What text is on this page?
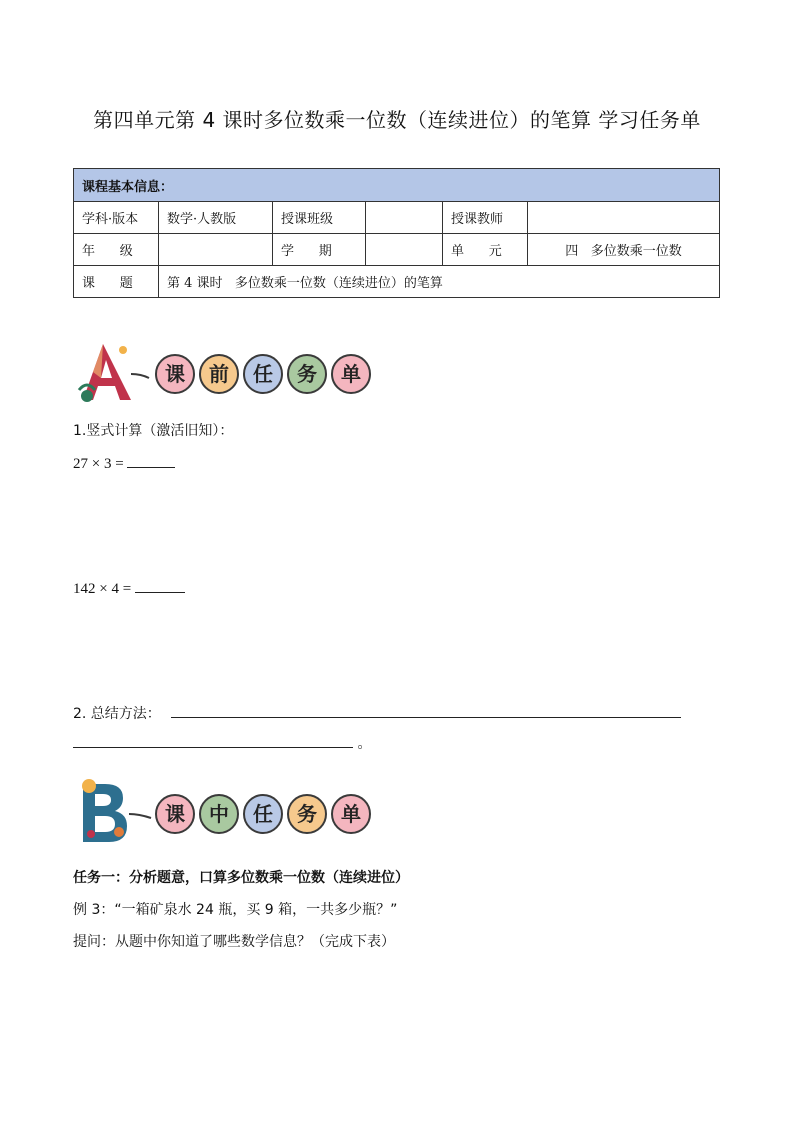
第四单元第 4 课时多位数乘一位数（连续进位）的笔算 学习任务单
课程基本信息：					
学科·版本	数学·人教版	授课班级		授课教师	
年      级		学      期		单      元	四   多位数乘一位数
课      题	第 4 课时   多位数乘一位数（连续进位）的笔算				
课	前	任	务	单
1.竖式计算（激活旧知）：
27 × 3 =
142 × 4 =
2. 总结方法：
。
课	中	任	务	单
任务一：分析题意，口算多位数乘一位数（连续进位）
例 3：“一箱矿泉水 24 瓶，买 9 箱，一共多少瓶？”
提问：从题中你知道了哪些数学信息？（完成下表）
